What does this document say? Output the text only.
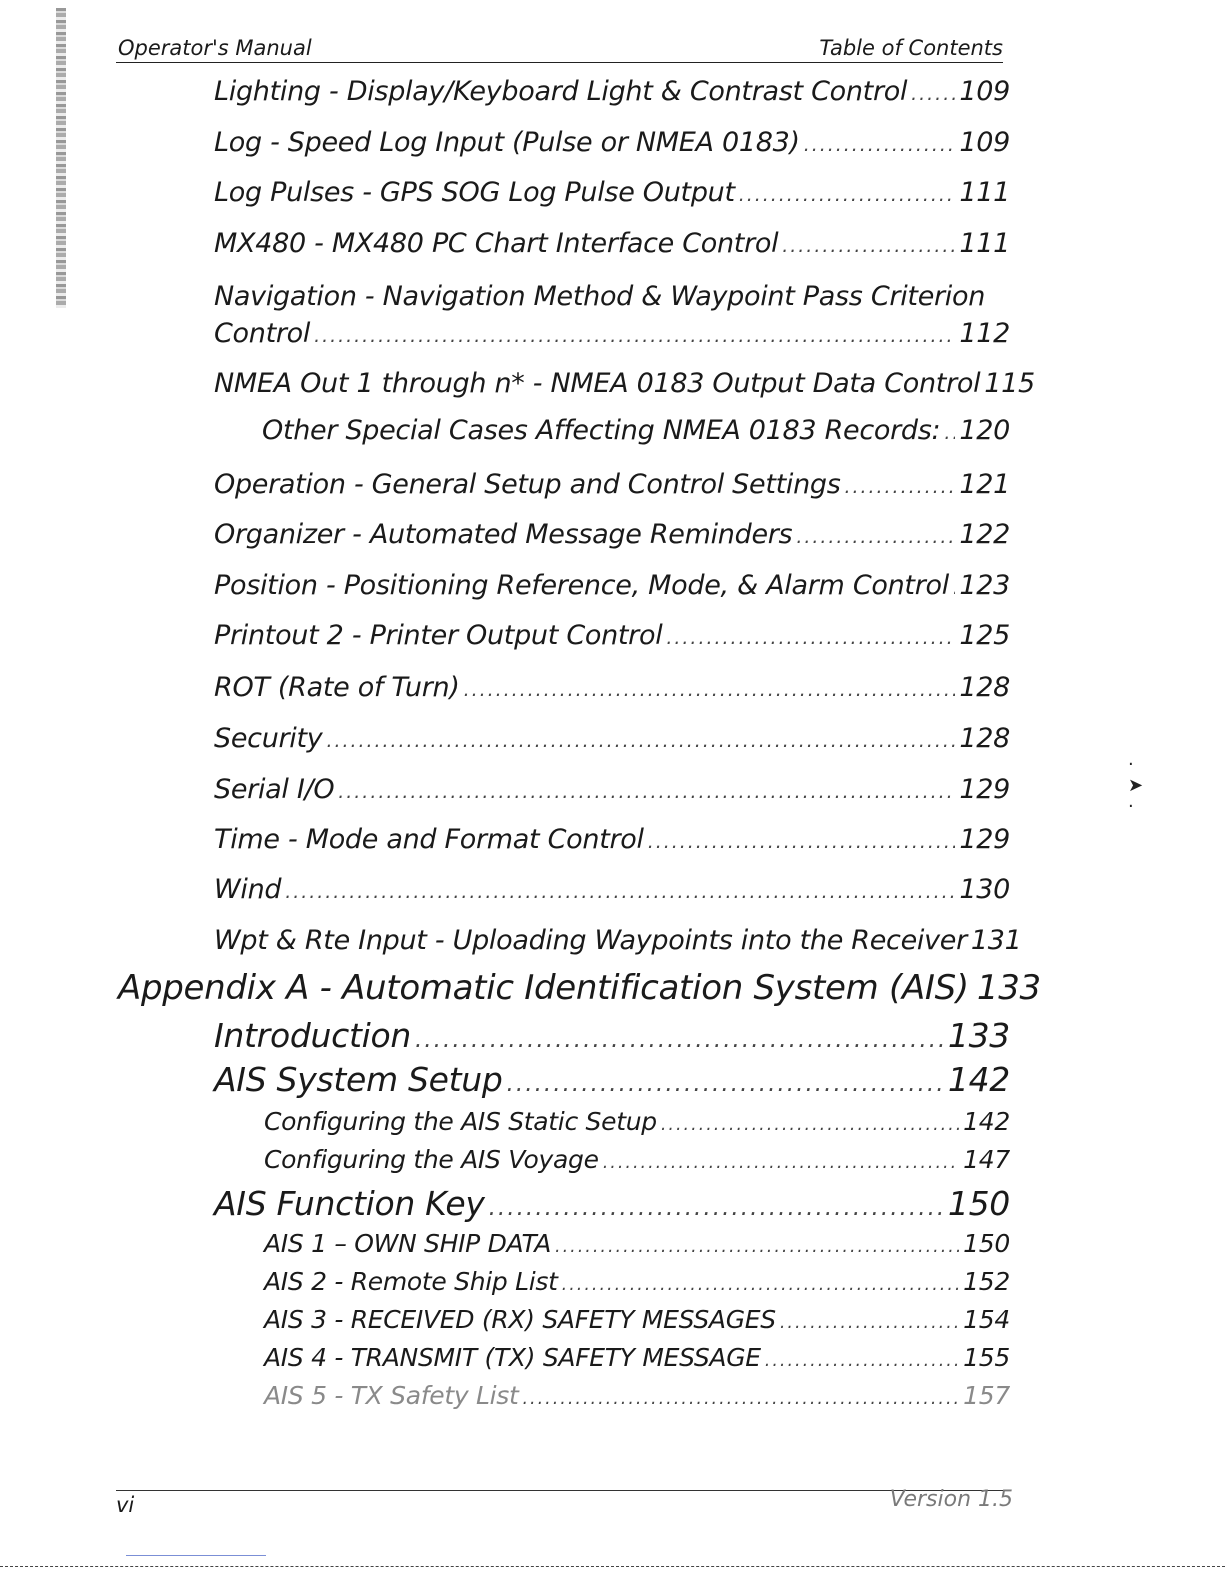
Operator's Manual	Table of Contents
Lighting - Display/Keyboard Light & Contrast Control ..... 109
Log - Speed Log Input (Pulse or NMEA 0183) .....	109
Log Pulses - GPS SOG Log Pulse Output .....	111
MX480 - MX480 PC Chart Interface Control .....	111
Navigation - Navigation Method & Waypoint Pass Criterion
Control .....	112
NMEA Out 1 through n* - NMEA 0183 Output Data Control 115
Other Special Cases Affecting NMEA 0183 Records: ..... 120
Operation - General Setup and Control Settings .....	121
Organizer - Automated Message Reminders .....	122
Position - Positioning Reference, Mode, & Alarm Control ..... 123
Printout 2 - Printer Output Control .....	125
ROT (Rate of Turn) .....	128
Security .....	128
Serial I/O .....	129
Time - Mode and Format Control .....	129
Wind .....	130
Wpt & Rte Input - Uploading Waypoints into the Receiver 131
Appendix A - Automatic Identification System (AIS) 133
Introduction .....	133
AIS System Setup .....	142
Configuring the AIS Static Setup .....	142
Configuring the AIS Voyage .....	147
AIS Function Key .....	150
AIS 1 – OWN SHIP DATA .....	150
AIS 2 - Remote Ship List .....	152
AIS 3 - RECEIVED (RX) SAFETY MESSAGES .....	154
AIS 4 - TRANSMIT (TX) SAFETY MESSAGE .....	155
AIS 5 - TX Safety List .....	157
·
➤
·
vi	Version 1.5
